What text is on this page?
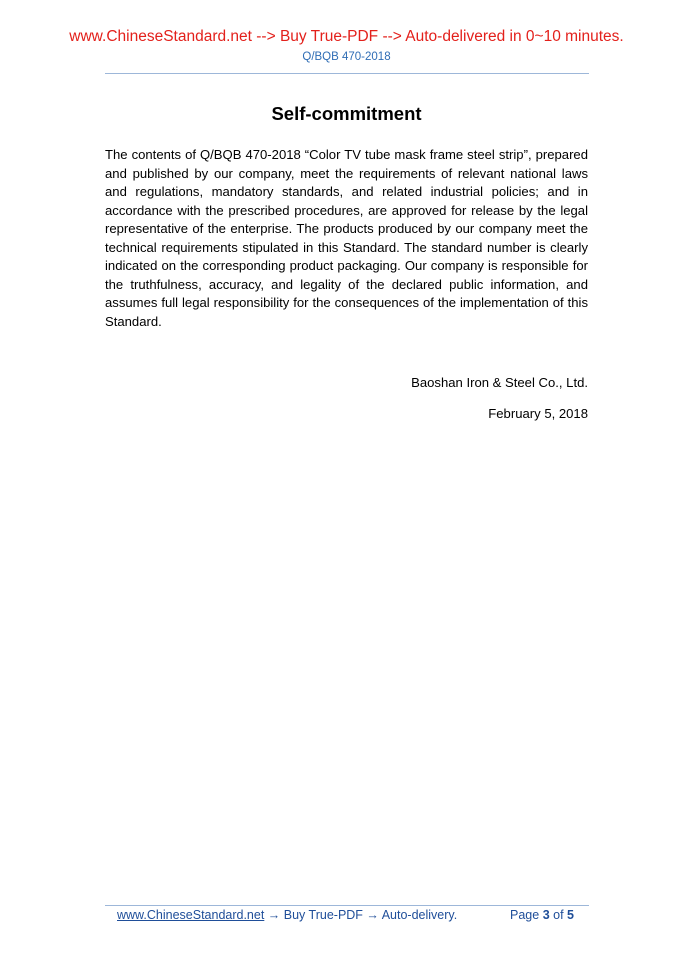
www.ChineseStandard.net --> Buy True-PDF --> Auto-delivered in 0~10 minutes.
Q/BQB 470-2018
Self-commitment

The contents of Q/BQB 470-2018 “Color TV tube mask frame steel strip”, prepared and published by our company, meet the requirements of relevant national laws and regulations, mandatory standards, and related industrial policies; and in accordance with the prescribed procedures, are approved for release by the legal representative of the enterprise. The products produced by our company meet the technical requirements stipulated in this Standard. The standard number is clearly indicated on the corresponding product packaging. Our company is responsible for the truthfulness, accuracy, and legality of the declared public information, and assumes full legal responsibility for the consequences of the implementation of this Standard.

Baoshan Iron & Steel Co., Ltd.
February 5, 2018
www.ChineseStandard.net → Buy True-PDF → Auto-delivery.	Page 3 of 5
